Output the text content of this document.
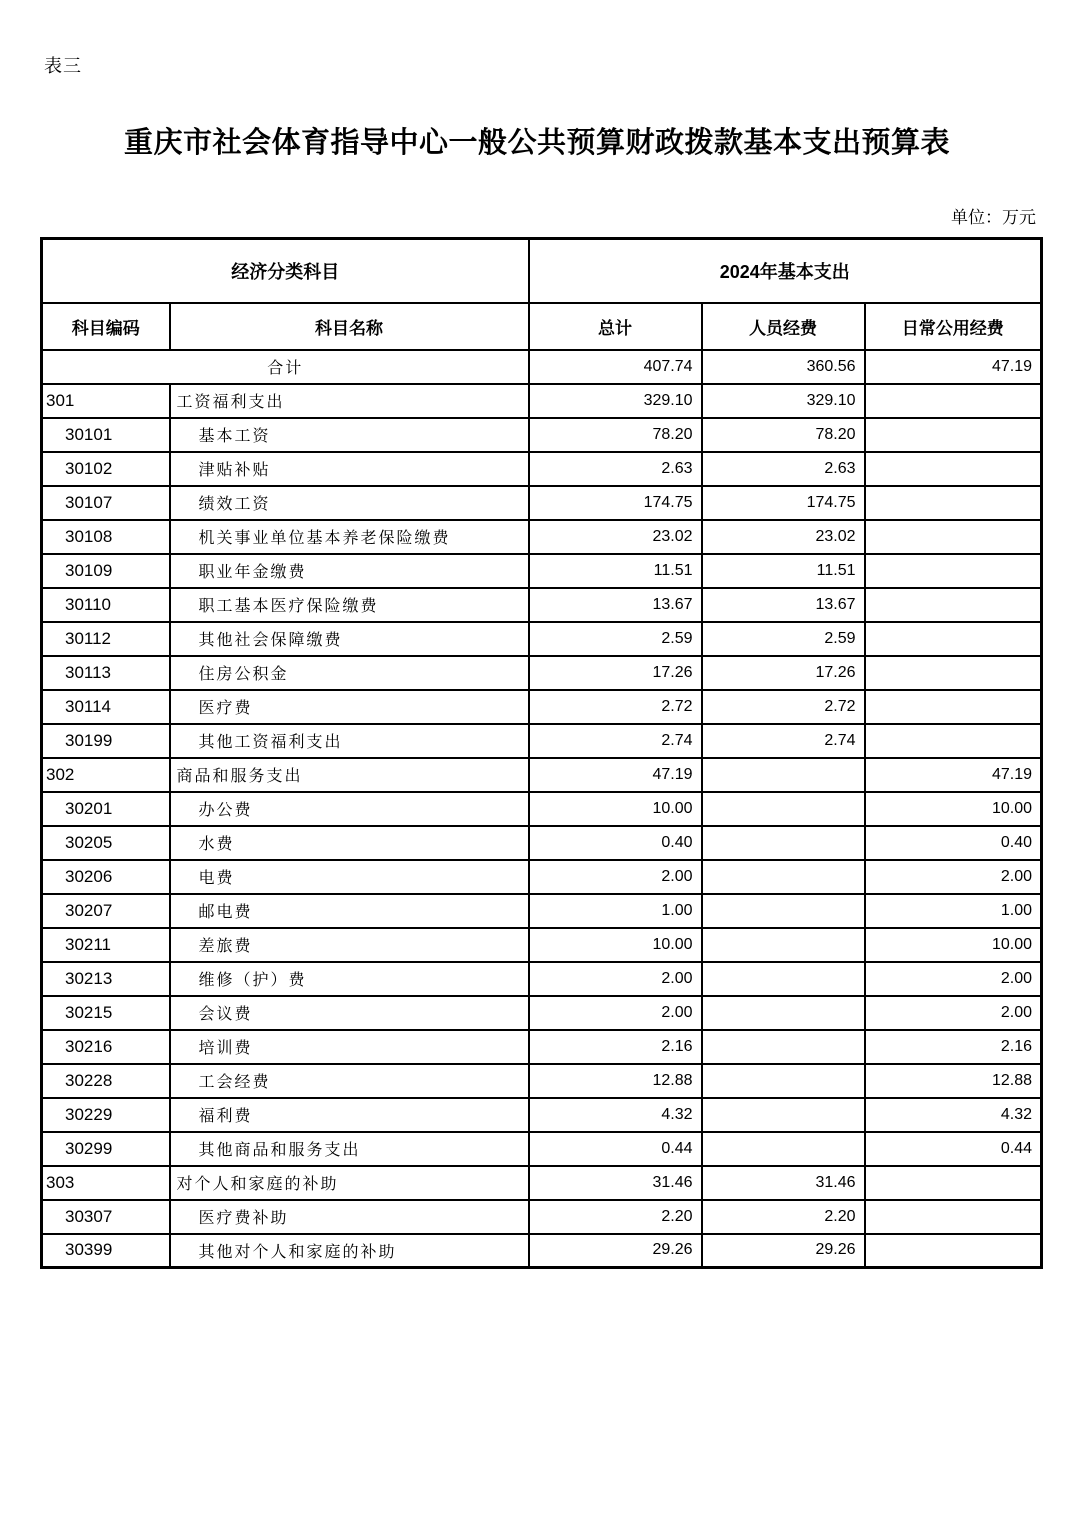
表三
重庆市社会体育指导中心一般公共预算财政拨款基本支出预算表
单位：万元
经济分类科目		2024年基本支出		
科目编码	科目名称	总计	人员经费	日常公用经费
合计		407.74	360.56	47.19
301	工资福利支出	329.10	329.10	
30101	基本工资	78.20	78.20	
30102	津贴补贴	2.63	2.63	
30107	绩效工资	174.75	174.75	
30108	机关事业单位基本养老保险缴费	23.02	23.02	
30109	职业年金缴费	11.51	11.51	
30110	职工基本医疗保险缴费	13.67	13.67	
30112	其他社会保障缴费	2.59	2.59	
30113	住房公积金	17.26	17.26	
30114	医疗费	2.72	2.72	
30199	其他工资福利支出	2.74	2.74	
302	商品和服务支出	47.19		47.19
30201	办公费	10.00		10.00
30205	水费	0.40		0.40
30206	电费	2.00		2.00
30207	邮电费	1.00		1.00
30211	差旅费	10.00		10.00
30213	维修（护）费	2.00		2.00
30215	会议费	2.00		2.00
30216	培训费	2.16		2.16
30228	工会经费	12.88		12.88
30229	福利费	4.32		4.32
30299	其他商品和服务支出	0.44		0.44
303	对个人和家庭的补助	31.46	31.46	
30307	医疗费补助	2.20	2.20	
30399	其他对个人和家庭的补助	29.26	29.26	
